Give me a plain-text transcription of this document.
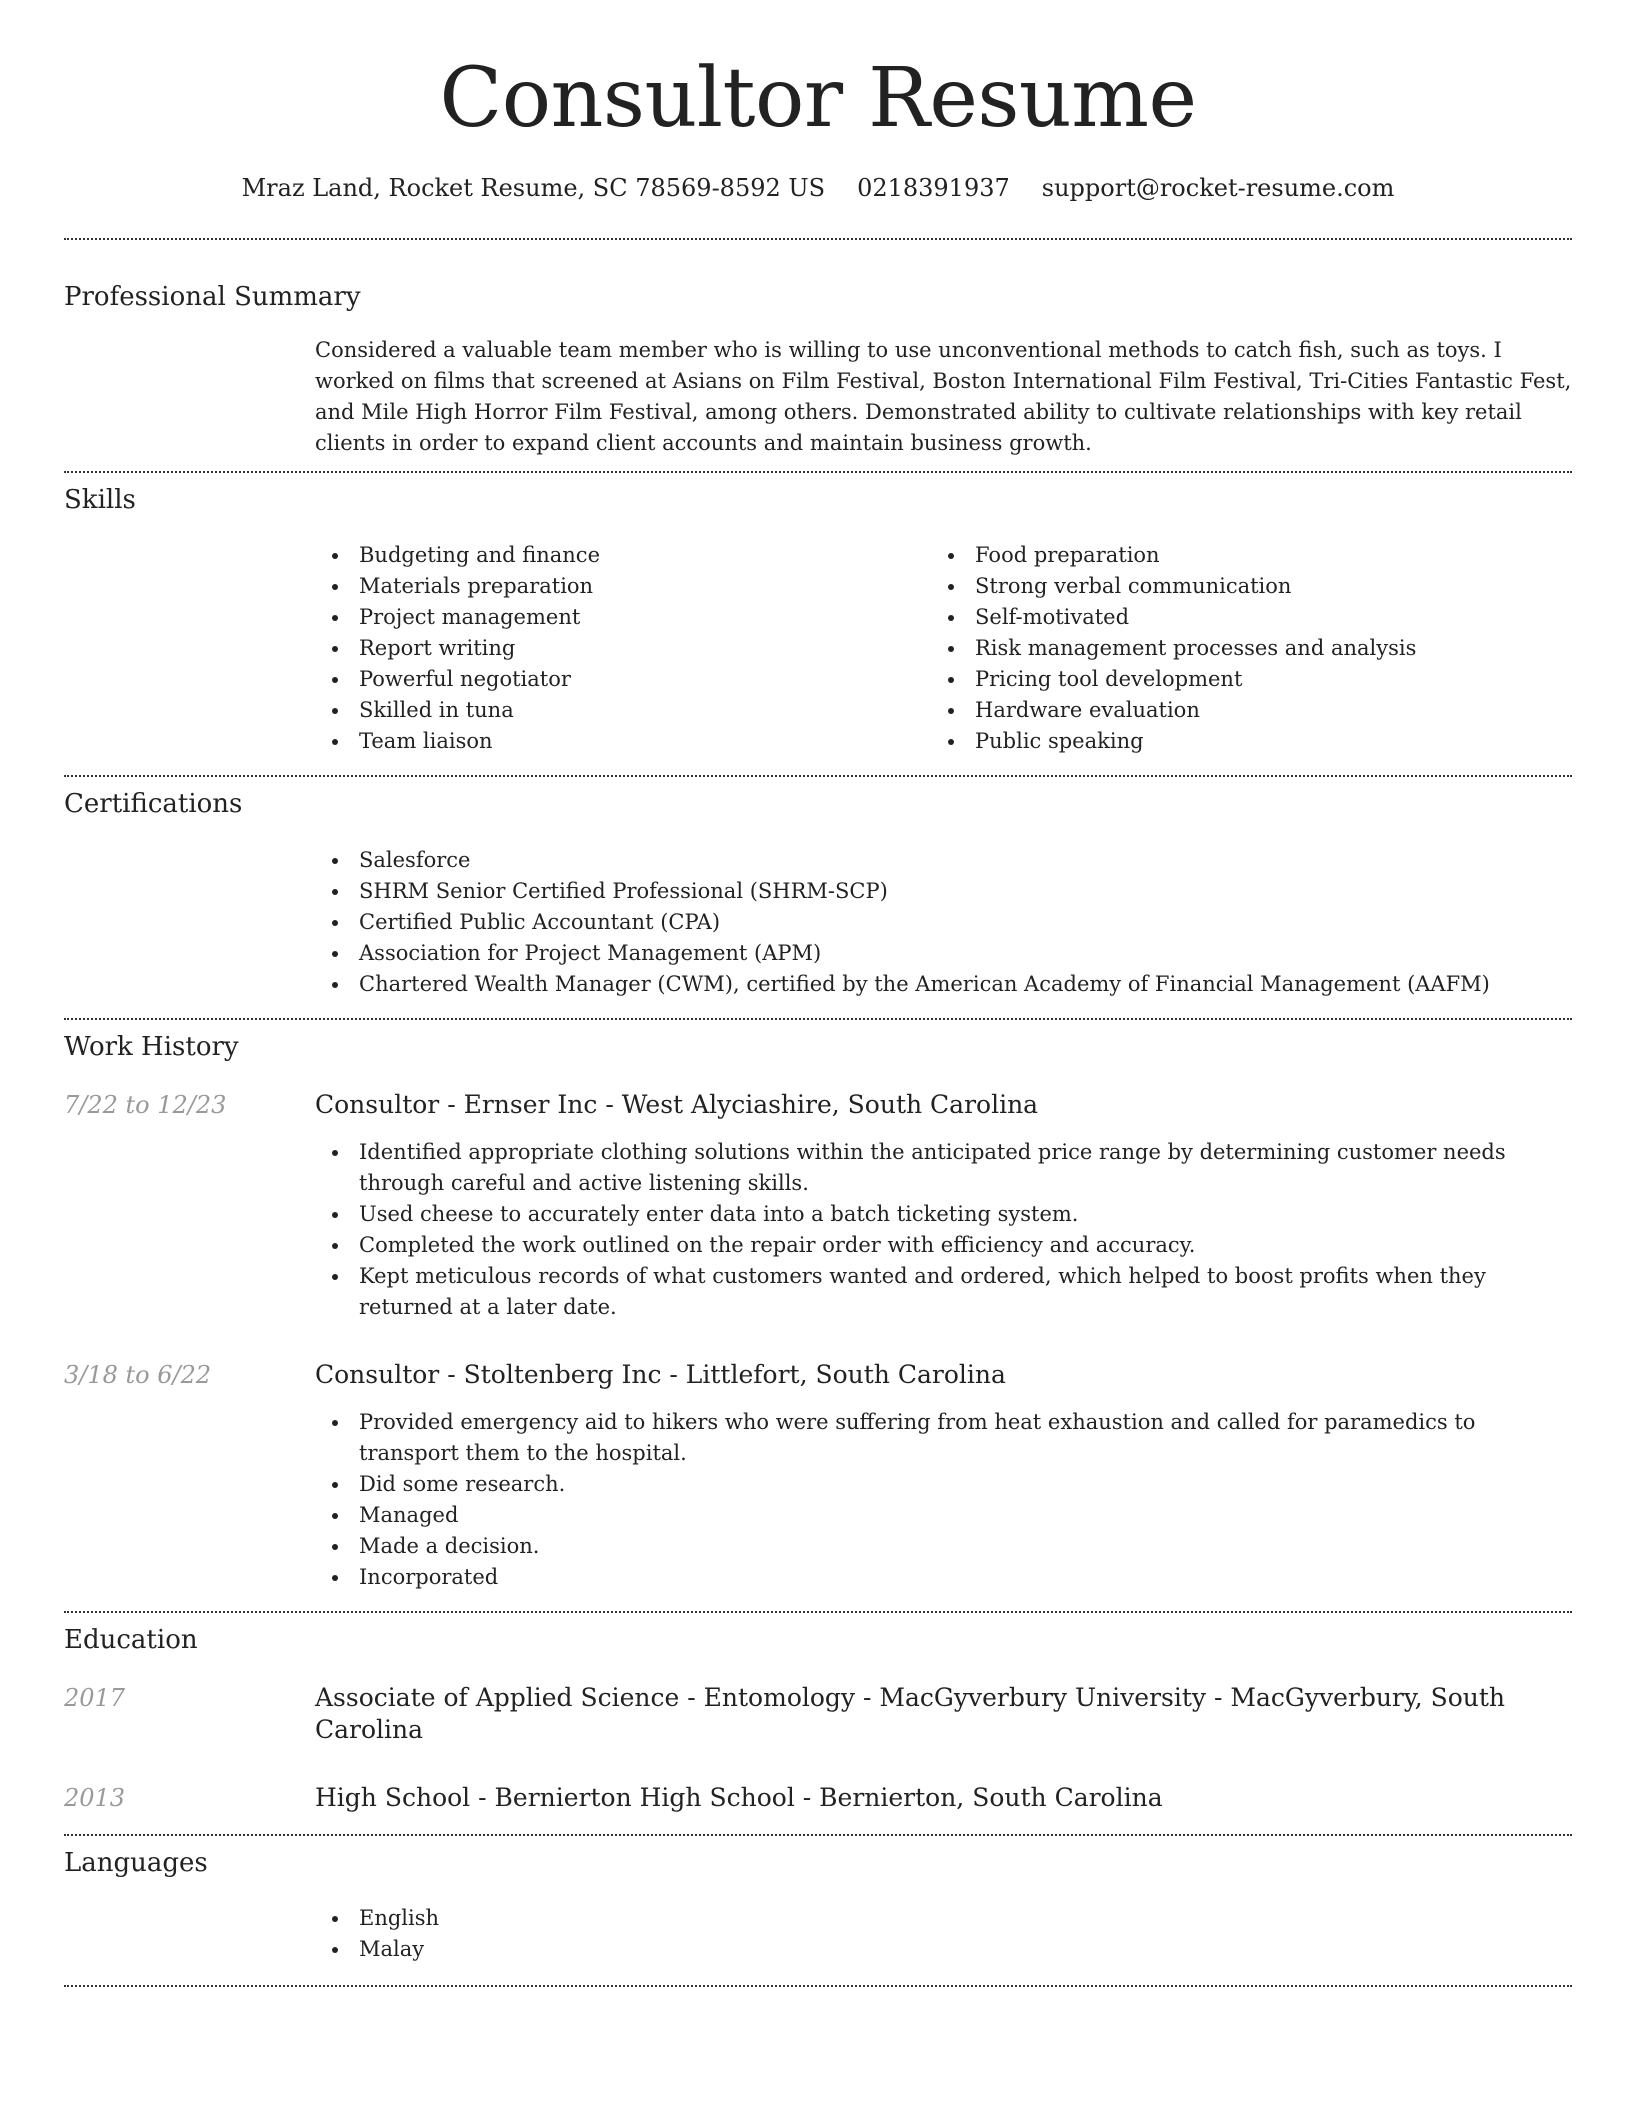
Consultor Resume
Mraz Land, Rocket Resume, SC 78569-8592 US 0218391937 support@rocket-resume.com
Professional Summary

Considered a valuable team member who is willing to use unconventional methods to catch fish, such as toys. I worked on films that screened at Asians on Film Festival, Boston International Film Festival, Tri-Cities Fantastic Fest, and Mile High Horror Film Festival, among others. Demonstrated ability to cultivate relationships with key retail clients in order to expand client accounts and maintain business growth.

Skills
Budgeting and finance
Materials preparation
Project management
Report writing
Powerful negotiator
Skilled in tuna
Team liaison
Food preparation
Strong verbal communication
Self-motivated
Risk management processes and analysis
Pricing tool development
Hardware evaluation
Public speaking
Certifications
Salesforce
SHRM Senior Certified Professional (SHRM-SCP)
Certified Public Accountant (CPA)
Association for Project Management (APM)
Chartered Wealth Manager (CWM), certified by the American Academy of Financial Management (AAFM)
Work History
7/22 to 12/23	Consultor - Ernser Inc - West Alyciashire, South Carolina
Identified appropriate clothing solutions within the anticipated price range by determining customer needs through careful and active listening skills.
Used cheese to accurately enter data into a batch ticketing system.
Completed the work outlined on the repair order with efficiency and accuracy.
Kept meticulous records of what customers wanted and ordered, which helped to boost profits when they returned at a later date.
3/18 to 6/22	Consultor - Stoltenberg Inc - Littlefort, South Carolina
Provided emergency aid to hikers who were suffering from heat exhaustion and called for paramedics to transport them to the hospital.
Did some research.
Managed
Made a decision.
Incorporated
Education
2017	Associate of Applied Science - Entomology - MacGyverbury University - MacGyverbury, South Carolina
2013	High School - Bernierton High School - Bernierton, South Carolina
Languages
English
Malay
